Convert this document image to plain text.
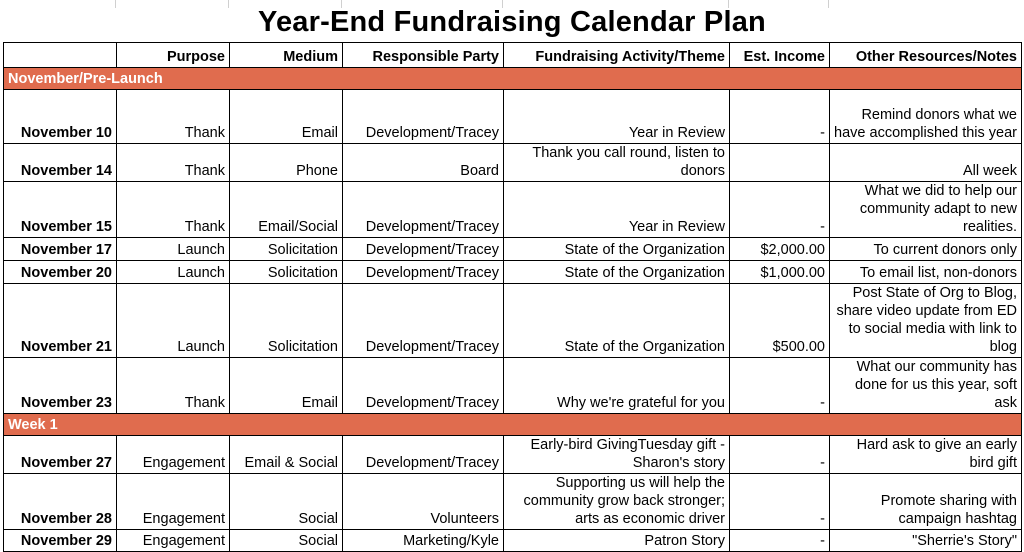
Year-End Fundraising Calendar Plan
	Purpose	Medium	Responsible Party	Fundraising Activity/Theme	Est. Income	Other Resources/Notes
November/Pre-Launch						
November 10	Thank	Email	Development/Tracey	Year in Review	-	Remind donors what we have accomplished this year
November 14	Thank	Phone	Board	Thank you call round, listen to donors		All week
November 15	Thank	Email/Social	Development/Tracey	Year in Review	-	What we did to help our community adapt to new realities.
November 17	Launch	Solicitation	Development/Tracey	State of the Organization	$2,000.00	To current donors only
November 20	Launch	Solicitation	Development/Tracey	State of the Organization	$1,000.00	To email list, non-donors
November 21	Launch	Solicitation	Development/Tracey	State of the Organization	$500.00	Post State of Org to Blog, share video update from ED to social media with link to blog
November 23	Thank	Email	Development/Tracey	Why we're grateful for you	-	What our community has done for us this year, soft ask
Week 1						
November 27	Engagement	Email & Social	Development/Tracey	Early-bird GivingTuesday gift - Sharon's story	-	Hard ask to give an early bird gift
November 28	Engagement	Social	Volunteers	Supporting us will help the community grow back stronger; arts as economic driver	-	Promote sharing with campaign hashtag
November 29	Engagement	Social	Marketing/Kyle	Patron Story	-	"Sherrie's Story"
